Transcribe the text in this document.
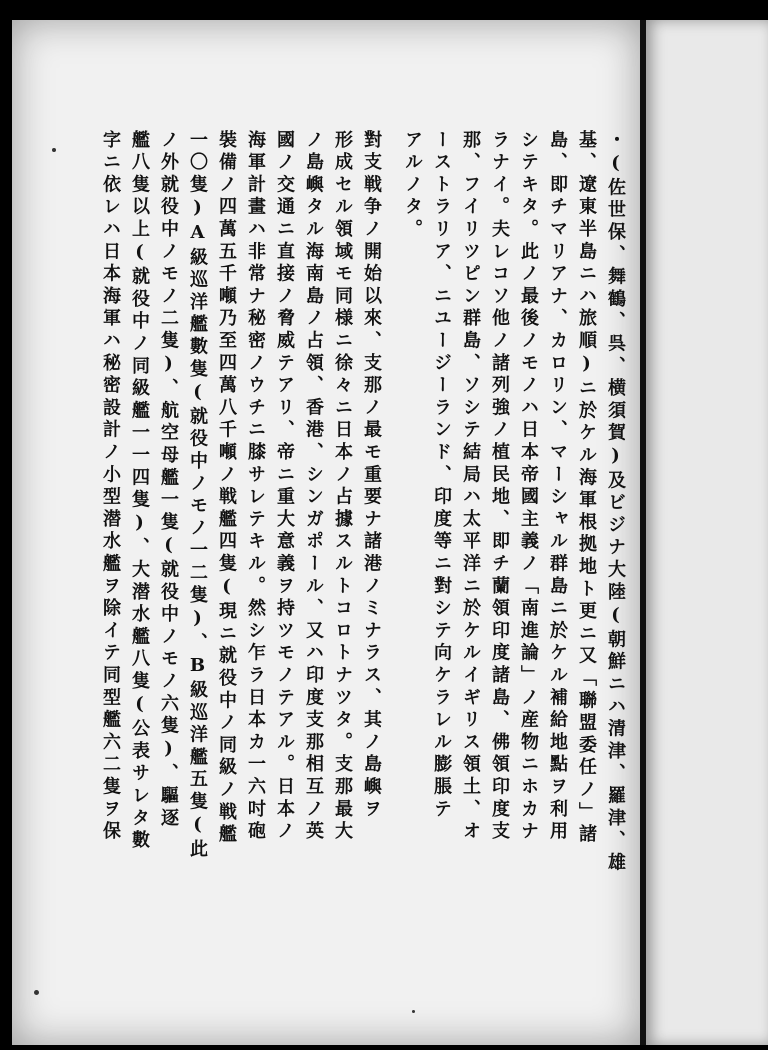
・(佐世保、舞鶴、呉、横須賀)及ビジナ大陸(朝鮮ニハ清津、羅津、雄
基、遼東半島ニハ旅順)ニ於ケル海軍根拠地ト更ニ又「聯盟委任ノ」諸
島、即チマリアナ、カロリン、マーシャル群島ニ於ケル補給地點ヲ利用
シテキタ。此ノ最後ノモノハ日本帝國主義ノ「南進論」ノ産物ニホカナ
ラナイ。夫レコソ他ノ諸列強ノ植民地、即チ蘭領印度諸島、佛領印度支
那、フイリツピン群島、ソシテ結局ハ太平洋ニ於ケルイギリス領土、オ
ーストラリア、ニユージーランド、印度等ニ對シテ向ケラレル膨脹テ
アルノタ。
對支戦争ノ開始以來、支那ノ最モ重要ナ諸港ノミナラス、其ノ島嶼ヲ
形成セル領域モ同様ニ徐々ニ日本ノ占據スルトコロトナツタ。支那最大
ノ島嶼タル海南島ノ占領、香港、シンガポール、又ハ印度支那相互ノ英
國ノ交通ニ直接ノ脅威テアリ、帝ニ重大意義ヲ持ツモノテアル。日本ノ
海軍計畫ハ非常ナ秘密ノウチニ膝サレテキル。然シ乍ラ日本カ一六吋砲
裝備ノ四萬五千噸乃至四萬八千噸ノ戦艦四隻(現ニ就役中ノ同級ノ戦艦
一〇隻)A級巡洋艦數隻(就役中ノモノ一二隻)、B級巡洋艦五隻(此
ノ外就役中ノモノ二隻)、航空母艦一隻(就役中ノモノ六隻)、驅逐
艦八隻以上(就役中ノ同級艦一一四隻)、大潜水艦八隻(公表サレタ數
字ニ依レハ日本海軍ハ秘密設計ノ小型潜水艦ヲ除イテ同型艦六二隻ヲ保
